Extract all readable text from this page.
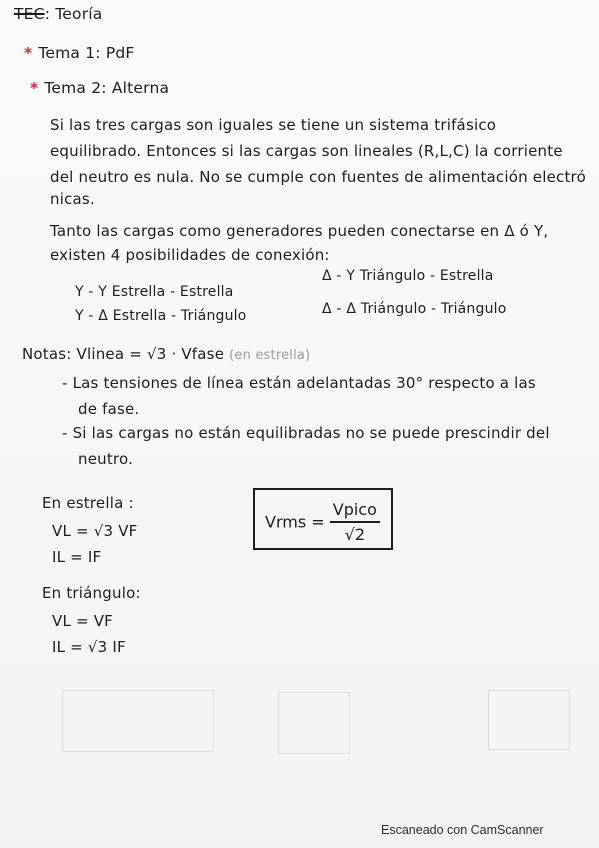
TEC: Teoría
* Tema 1: PdF
* Tema 2: Alterna
Si las tres cargas son iguales se tiene un sistema trifásico
equilibrado. Entonces si las cargas son lineales (R,L,C) la corriente
del neutro es nula. No se cumple con fuentes de alimentación electró
nicas.
Tanto las cargas como generadores pueden conectarse en Δ ó Y,
existen 4 posibilidades de conexión:
Y - Y Estrella - Estrella
Y - Δ Estrella - Triángulo
Δ - Y Triángulo - Estrella
Δ - Δ Triángulo - Triángulo
Notas: Vlinea = √3 · Vfase (en estrella)
- Las tensiones de línea están adelantadas 30° respecto a las
de fase.
- Si las cargas no están equilibradas no se puede prescindir del
neutro.
En estrella :
VL = √3 VF
IL = IF
Vrms = $\frac{\text{Vpico}}{√2}$
En triángulo:
VL = VF
IL = √3 IF
Escaneado con CamScanner
